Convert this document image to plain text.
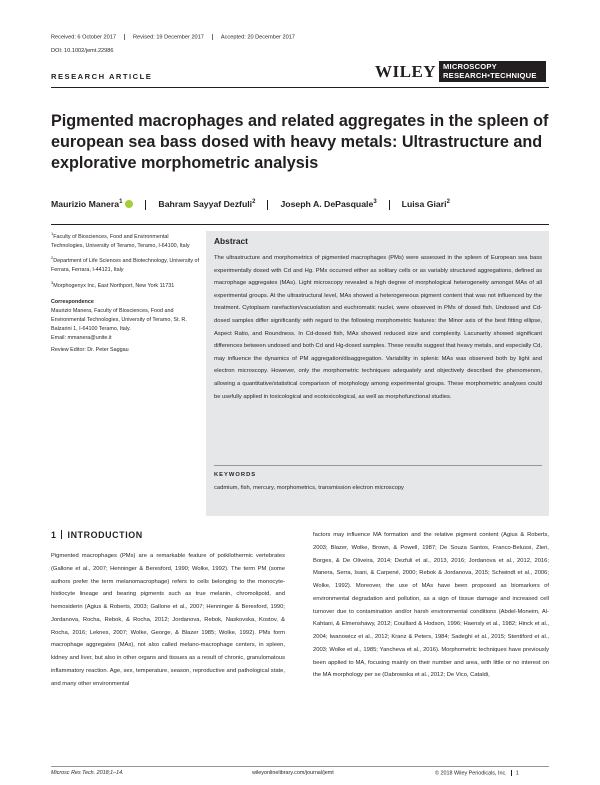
Received: 6 October 2017	Revised: 19 December 2017	Accepted: 20 December 2017
DOI: 10.1002/jemt.22986
RESEARCH ARTICLE	WILEY MICROSCOPY
RESEARCH•TECHNIQUE
Pigmented macrophages and related aggregates in the spleen of european sea bass dosed with heavy metals: Ultrastructure and explorative morphometric analysis
Maurizio Manera$^1$	Bahram Sayyaf Dezfuli$^2$	Joseph A. DePasquale$^3$	Luisa Giari$^2$

$^1$Faculty of Biosciences, Food and Environmental Technologies, University of Teramo, Teramo, I-64100, Italy

$^2$Department of Life Sciences and Biotechnology, University of Ferrara, Ferrara, I-44121, Italy

$^3$Morphogenyx Inc, East Northport, New York 11731

Correspondence

Maurizio Manera, Faculty of Biosciences, Food and Environmental Technologies, University of Teramo, St. R. Balzarini 1, I-64100 Teramo, Italy.

Email: mmanera@unite.it

Review Editor: Dr. Peter Saggau

Abstract
The ultrastructure and morphometrics of pigmented macrophages (PMs) were assessed in the spleen of European sea bass experimentally dosed with Cd and Hg. PMs occurred either as solitary cells or as variably structured aggregations, defined as macrophage aggregates (MAs). Light microscopy revealed a high degree of morphological heterogeneity amongst MAs of all experimental groups. At the ultrastructural level, MAs showed a heterogeneous pigment content that was not influenced by the treatment. Cytoplasm rarefaction/vacuolation and euchromatic nuclei, were observed in PMs of dosed fish. Undosed and Cd-dosed samples differ significantly with regard to the following morphometric features: the Minor axis of the best fitting ellipse, Aspect Ratio, and Roundness. In Cd-dosed fish, MAs showed reduced size and complexity. Lacunarity showed significant differences between undosed and both Cd and Hg-dosed samples. These results suggest that heavy metals, and especially Cd, may influence the dynamics of PM aggregation/disaggregation. Variability in splenic MAs was observed both by light and electron microscopy. However, only the morphometric techniques adequately and objectively described the phenomenon, allowing a quantitative/statistical comparison of morphology among experimental groups. These morphometric analyses could be usefully applied in toxicological and ecotoxicological, as well as morphofunctional studies.
KEYWORDS
cadmium, fish, mercury, morphometrics, transmission electron microscopy
1 INTRODUCTION
Pigmented macrophages (PMs) are a remarkable feature of poikilothermic vertebrates (Gallone et al., 2007; Henninger & Beresford, 1990; Wolke, 1992). The term PM (some authors prefer the term melanomacrophage) refers to cells belonging to the monocyte-histiocyte lineage and bearing pigments such as true melanin, chromolipoid, and hemosiderin (Agius & Roberts, 2003; Gallone et al., 2007; Henninger & Beresford, 1990; Jordanova, Rocha, Rebok, & Rocha, 2012; Jordanova, Rebok, Naskovska, Kostov, & Rocha, 2016; Leknes, 2007; Wolke, George, & Blazer 1985; Wolke, 1992). PMs form macrophage aggregates (MAs), not also called melano-macrophage centers, in spleen, kidney and liver, but also in other organs and tissues as a result of chronic, granulomatous inflammatory reaction. Age, sex, temperature, season, reproductive and pathological state, and many other environmental
factors may influence MA formation and the relative pigment content (Agius & Roberts, 2003; Blazer, Wolke, Brown, & Powell, 1987; De Souza Santos, Franco-Belussi, Zieri, Borges, & De Oliveira, 2014; Dezfuli et al., 2013, 2016; Jordanova et al., 2012, 2016; Manera, Serra, Isani, & Carpené, 2000; Rebok & Jordanova, 2015; Schwindt et al., 2006; Wolke, 1992). Moreover, the use of MAs have been proposed as biomarkers of environmental degradation and pollution, as a sign of tissue damage and increased cell turnover due to contamination and/or harsh environmental conditions (Abdel-Moneim, Al-Kahtani, & Elmenshawy, 2012; Couillard & Hodson, 1996; Haensly et al., 1982; Hinck et al., 2004; Iwanowicz et al., 2012; Kranz & Peters, 1984; Sadeghi et al., 2015; Stentiford et al., 2003; Wolke et al., 1985; Yancheva et al., 2016). Morphometric techniques have previously been applied to MA, focusing mainly on their number and area, with little or no interest on the MA morphology per se (Dabrowska et al., 2012; De Vico, Cataldi,
Microsc Res Tech. 2018;1–14.	wileyonlinelibrary.com/journal/jemt	© 2018 Wiley Periodicals, Inc. 1
